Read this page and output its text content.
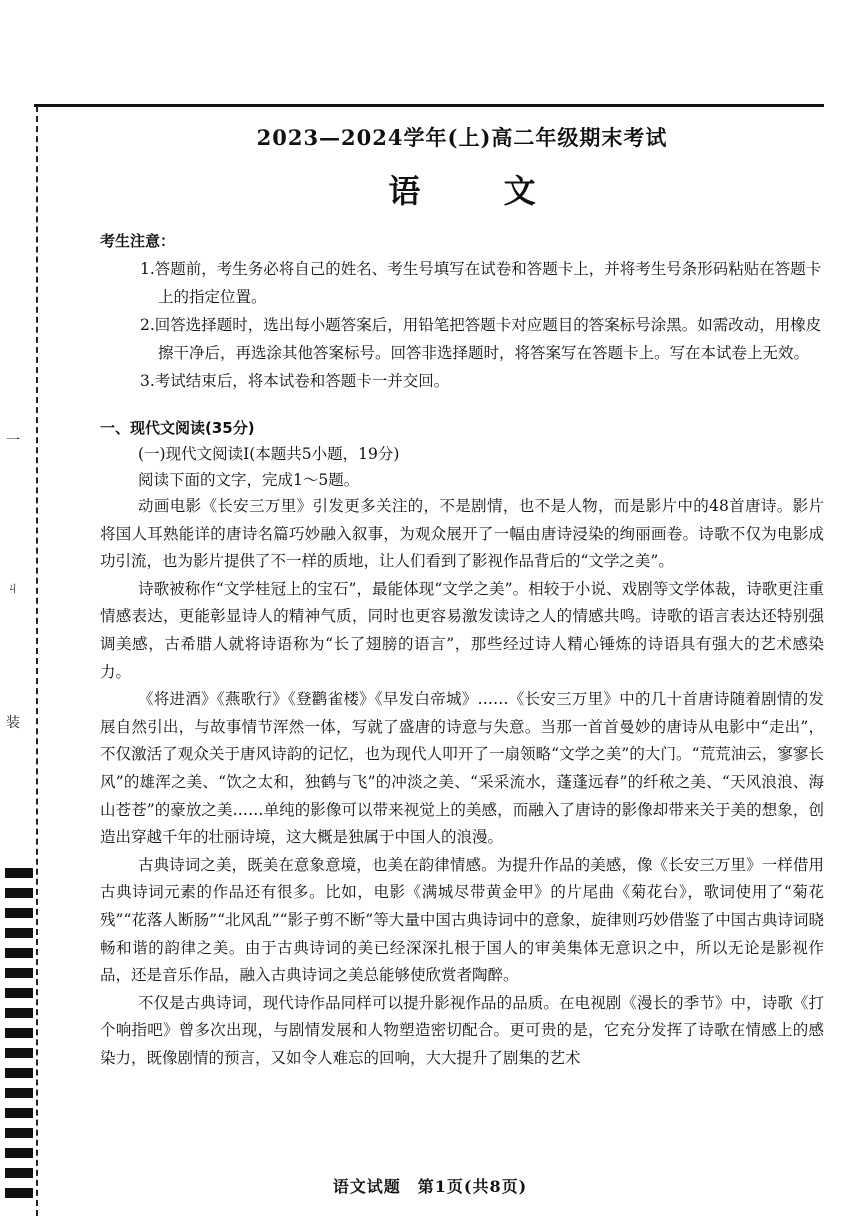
一
ㄐ
装
2023—2024学年(上)高二年级期末考试
语 文
考生注意：
1.答题前，考生务必将自己的姓名、考生号填写在试卷和答题卡上，并将考生号条形码粘贴在答题卡上的指定位置。
2.回答选择题时，选出每小题答案后，用铅笔把答题卡对应题目的答案标号涂黑。如需改动，用橡皮擦干净后，再选涂其他答案标号。回答非选择题时，将答案写在答题卡上。写在本试卷上无效。
3.考试结束后，将本试卷和答题卡一并交回。
一、现代文阅读(35分)
(一)现代文阅读Ⅰ(本题共5小题，19分)
阅读下面的文字，完成1～5题。

动画电影《长安三万里》引发更多关注的，不是剧情，也不是人物，而是影片中的48首唐诗。影片将国人耳熟能详的唐诗名篇巧妙融入叙事，为观众展开了一幅由唐诗浸染的绚丽画卷。诗歌不仅为电影成功引流，也为影片提供了不一样的质地，让人们看到了影视作品背后的“文学之美”。

诗歌被称作“文学桂冠上的宝石”，最能体现“文学之美”。相较于小说、戏剧等文学体裁，诗歌更注重情感表达，更能彰显诗人的精神气质，同时也更容易激发读诗之人的情感共鸣。诗歌的语言表达还特别强调美感，古希腊人就将诗语称为“长了翅膀的语言”，那些经过诗人精心锤炼的诗语具有强大的艺术感染力。

《将进酒》《燕歌行》《登鹳雀楼》《早发白帝城》……《长安三万里》中的几十首唐诗随着剧情的发展自然引出，与故事情节浑然一体，写就了盛唐的诗意与失意。当那一首首曼妙的唐诗从电影中“走出”，不仅激活了观众关于唐风诗韵的记忆，也为现代人叩开了一扇领略“文学之美”的大门。“荒荒油云，寥寥长风”的雄浑之美、“饮之太和，独鹤与飞”的冲淡之美、“采采流水，蓬蓬远春”的纤秾之美、“天风浪浪、海山苍苍”的豪放之美……单纯的影像可以带来视觉上的美感，而融入了唐诗的影像却带来关于美的想象，创造出穿越千年的壮丽诗境，这大概是独属于中国人的浪漫。

古典诗词之美，既美在意象意境，也美在韵律情感。为提升作品的美感，像《长安三万里》一样借用古典诗词元素的作品还有很多。比如，电影《满城尽带黄金甲》的片尾曲《菊花台》，歌词使用了“菊花残”“花落人断肠”“北风乱”“影子剪不断”等大量中国古典诗词中的意象，旋律则巧妙借鉴了中国古典诗词晓畅和谐的韵律之美。由于古典诗词的美已经深深扎根于国人的审美集体无意识之中，所以无论是影视作品，还是音乐作品，融入古典诗词之美总能够使欣赏者陶醉。

不仅是古典诗词，现代诗作品同样可以提升影视作品的品质。在电视剧《漫长的季节》中，诗歌《打个响指吧》曾多次出现，与剧情发展和人物塑造密切配合。更可贵的是，它充分发挥了诗歌在情感上的感染力，既像剧情的预言，又如令人难忘的回响，大大提升了剧集的艺术

语文试题　第1页(共8页)
